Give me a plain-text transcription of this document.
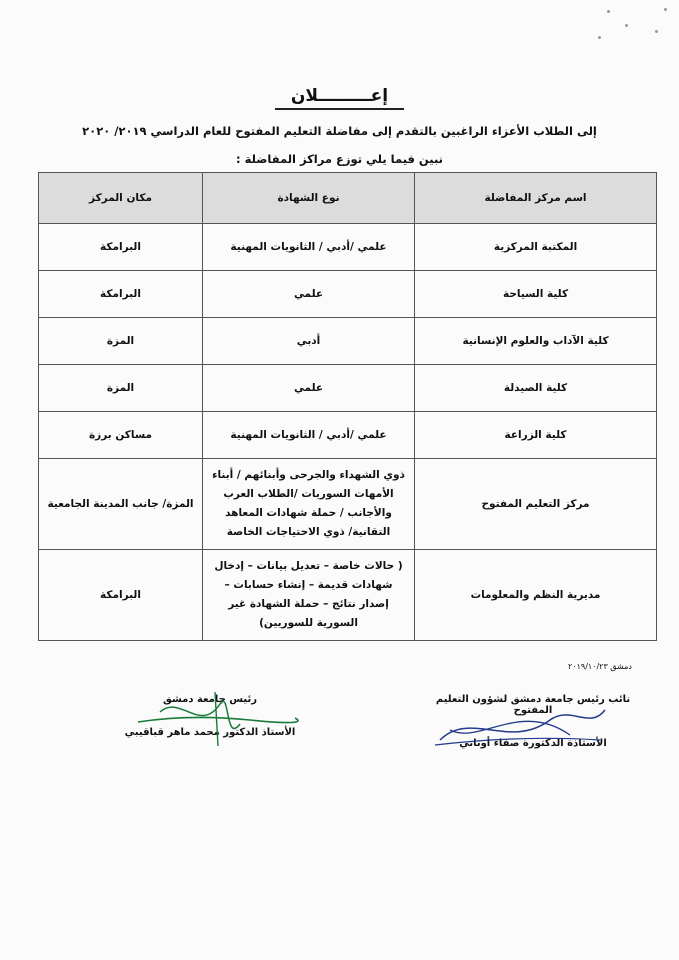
إعـــــــــلان
إلى الطلاب الأعزاء الراغبين بالتقدم إلى مفاضلة التعليم المفتوح للعام الدراسي ٢٠١٩/ ٢٠٢٠
نبين فيما يلي توزع مراكز المفاضلة :
اسم مركز المفاضلة	نوع الشهادة	مكان المركز
المكتبة المركزية	علمي /أدبي / الثانويات المهنية	البرامكة
كلية السياحة	علمي	البرامكة
كلية الآداب والعلوم الإنسانية	أدبي	المزة
كلية الصيدلة	علمي	المزة
كلية الزراعة	علمي /أدبي / الثانويات المهنية	مساكن برزة
مركز التعليم المفتوح	ذوي الشهداء والجرحى وأبنائهم / أبناء الأمهات السوريات /الطلاب العرب والأجانب / حملة شهادات المعاهد التقانية/ ذوي الاحتياجات الخاصة	المزة/ جانب المدينة الجامعية
مديرية النظم والمعلومات	( حالات خاصة – تعديل بيانات – إدخال شهادات قديمة – إنشاء حسابات – إصدار نتائج – حملة الشهادة غير السورية للسوريين)	البرامكة
دمشق ٢٠١٩/١٠/٢٣
رئيس جامعة دمشق
الأستاذ الدكتور محمد ماهر قباقيبي
نائب رئيس جامعة دمشق لشؤون التعليم المفتوح
الأستاذة الدكتورة صفاء أوتاني
